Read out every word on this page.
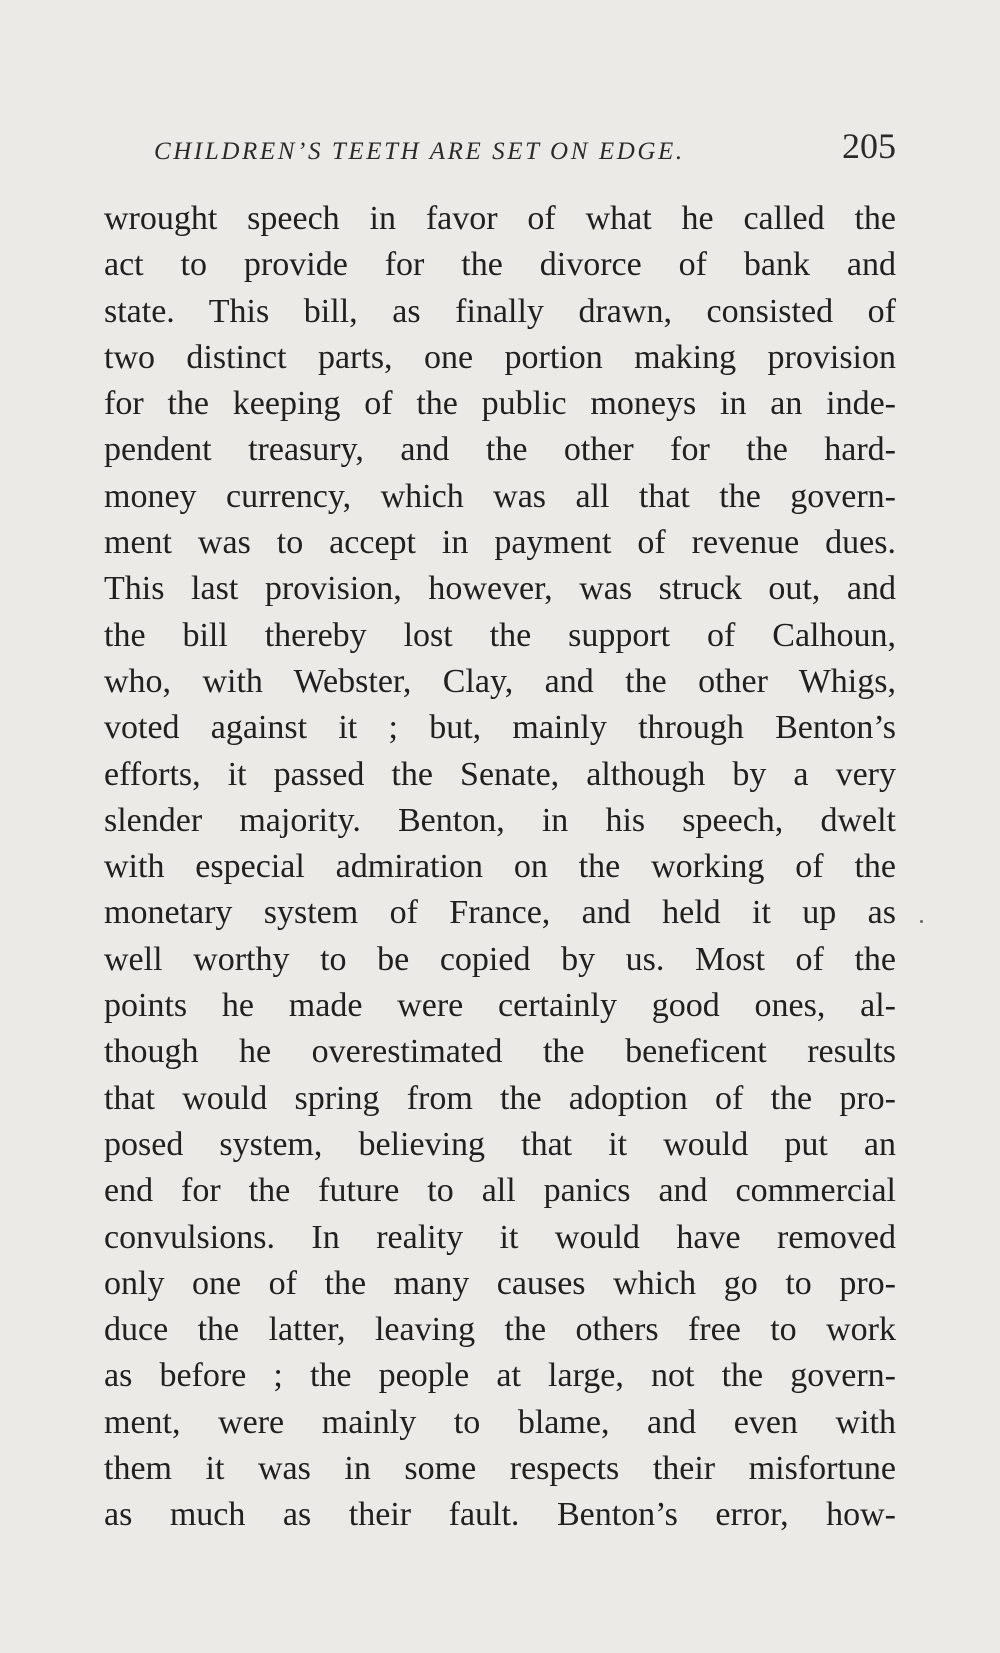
CHILDREN’S TEETH ARE SET ON EDGE.	205
wrought speech in favor of what he called the
act to provide for the divorce of bank and
state. This bill, as finally drawn, consisted of
two distinct parts, one portion making provision
for the keeping of the public moneys in an inde-
pendent treasury, and the other for the hard-
money currency, which was all that the govern-
ment was to accept in payment of revenue dues.
This last provision, however, was struck out, and
the bill thereby lost the support of Calhoun,
who, with Webster, Clay, and the other Whigs,
voted against it ; but, mainly through Benton’s
efforts, it passed the Senate, although by a very
slender majority. Benton, in his speech, dwelt
with especial admiration on the working of the
monetary system of France, and held it up as
well worthy to be copied by us. Most of the
points he made were certainly good ones, al-
though he overestimated the beneficent results
that would spring from the adoption of the pro-
posed system, believing that it would put an
end for the future to all panics and commercial
convulsions. In reality it would have removed
only one of the many causes which go to pro-
duce the latter, leaving the others free to work
as before ; the people at large, not the govern-
ment, were mainly to blame, and even with
them it was in some respects their misfortune
as much as their fault. Benton’s error, how-
